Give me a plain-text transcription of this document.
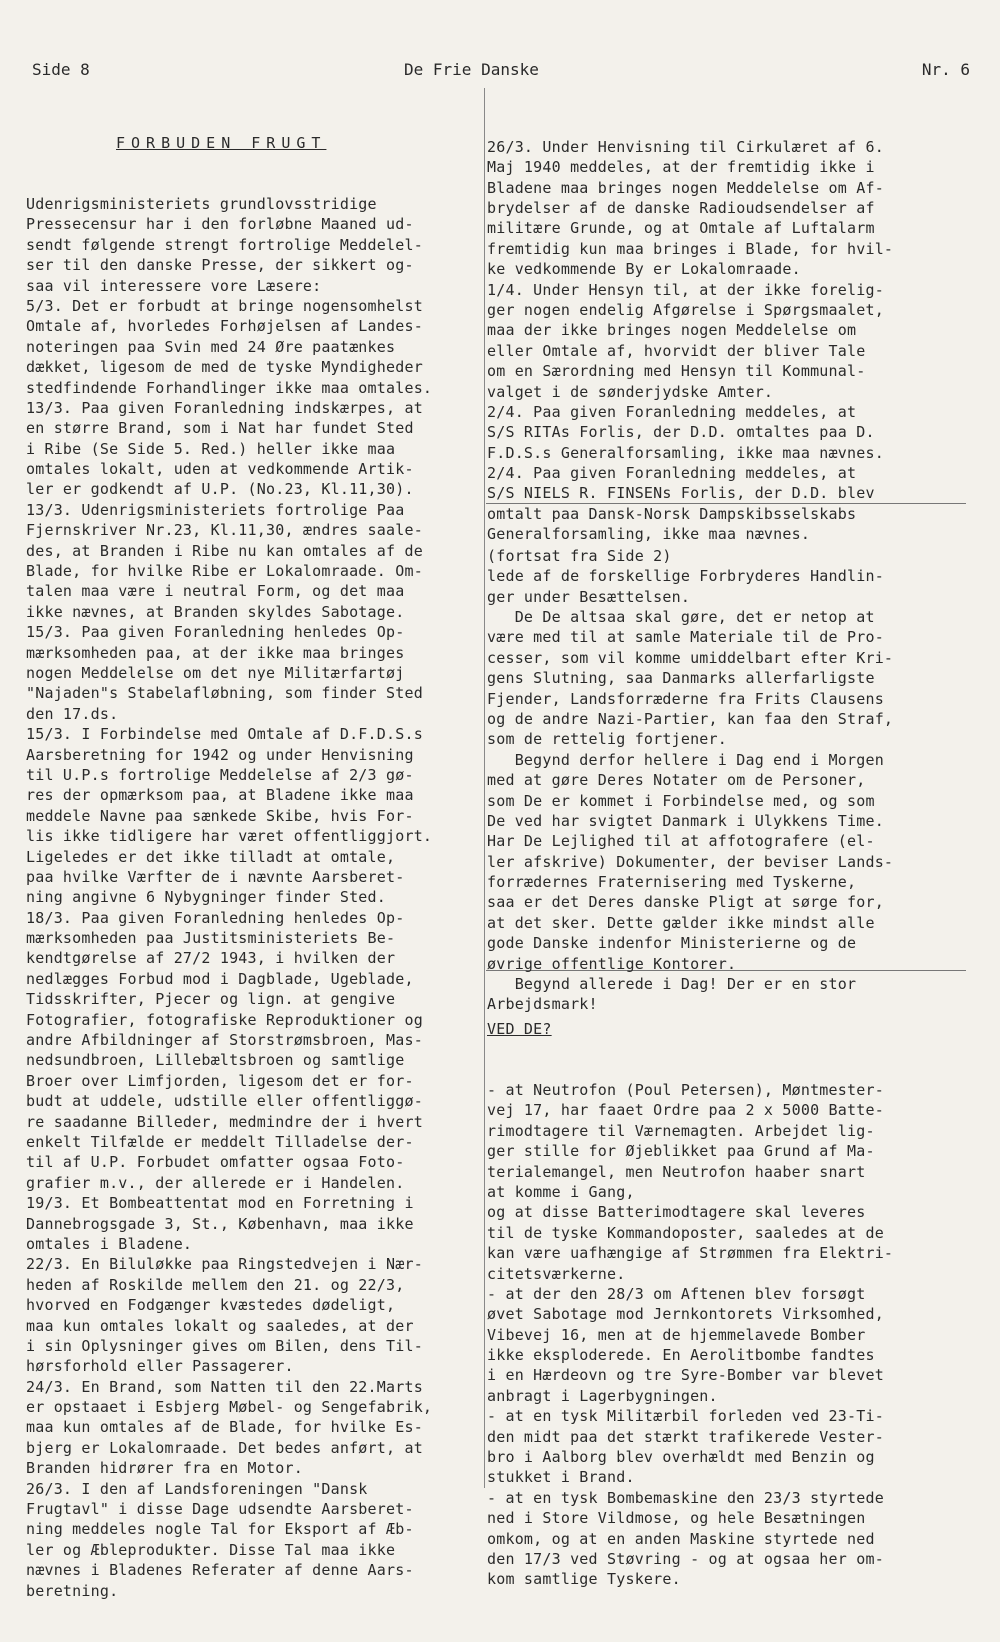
Side 8	De Frie Danske	Nr. 6

FORBUDEN FRUGT

Udenrigsministeriets grundlovsstridige
Pressecensur har i den forløbne Maaned ud-
sendt følgende strengt fortrolige Meddelel-
ser til den danske Presse, der sikkert og-
saa vil interessere vore Læsere:
5/3. Det er forbudt at bringe nogensomhelst
Omtale af, hvorledes Forhøjelsen af Landes-
noteringen paa Svin med 24 Øre paatænkes
dækket, ligesom de med de tyske Myndigheder
stedfindende Forhandlinger ikke maa omtales.
13/3. Paa given Foranledning indskærpes, at
en større Brand, som i Nat har fundet Sted
i Ribe (Se Side 5. Red.) heller ikke maa
omtales lokalt, uden at vedkommende Artik-
ler er godkendt af U.P. (No.23, Kl.11,30).
13/3. Udenrigsministeriets fortrolige Paa
Fjernskriver Nr.23, Kl.11,30, ændres saale-
des, at Branden i Ribe nu kan omtales af de
Blade, for hvilke Ribe er Lokalomraade. Om-
talen maa være i neutral Form, og det maa
ikke nævnes, at Branden skyldes Sabotage.
15/3. Paa given Foranledning henledes Op-
mærksomheden paa, at der ikke maa bringes
nogen Meddelelse om det nye Militærfartøj
"Najaden"s Stabelafløbning, som finder Sted
den 17.ds.
15/3. I Forbindelse med Omtale af D.F.D.S.s
Aarsberetning for 1942 og under Henvisning
til U.P.s fortrolige Meddelelse af 2/3 gø-
res der opmærksom paa, at Bladene ikke maa
meddele Navne paa sænkede Skibe, hvis For-
lis ikke tidligere har været offentliggjort.
Ligeledes er det ikke tilladt at omtale,
paa hvilke Værfter de i nævnte Aarsberet-
ning angivne 6 Nybygninger finder Sted.
18/3. Paa given Foranledning henledes Op-
mærksomheden paa Justitsministeriets Be-
kendtgørelse af 27/2 1943, i hvilken der
nedlægges Forbud mod i Dagblade, Ugeblade,
Tidsskrifter, Pjecer og lign. at gengive
Fotografier, fotografiske Reproduktioner og
andre Afbildninger af Storstrømsbroen, Mas-
nedsundbroen, Lillebæltsbroen og samtlige
Broer over Limfjorden, ligesom det er for-
budt at uddele, udstille eller offentliggø-
re saadanne Billeder, medmindre der i hvert
enkelt Tilfælde er meddelt Tilladelse der-
til af U.P. Forbudet omfatter ogsaa Foto-
grafier m.v., der allerede er i Handelen.
19/3. Et Bombeattentat mod en Forretning i
Dannebrogsgade 3, St., København, maa ikke
omtales i Bladene.
22/3. En Biluløkke paa Ringstedvejen i Nær-
heden af Roskilde mellem den 21. og 22/3,
hvorved en Fodgænger kvæstedes dødeligt,
maa kun omtales lokalt og saaledes, at der
i sin Oplysninger gives om Bilen, dens Til-
hørsforhold eller Passagerer.
24/3. En Brand, som Natten til den 22.Marts
er opstaaet i Esbjerg Møbel- og Sengefabrik,
maa kun omtales af de Blade, for hvilke Es-
bjerg er Lokalomraade. Det bedes anført, at
Branden hidrører fra en Motor.
26/3. I den af Landsforeningen "Dansk
Frugtavl" i disse Dage udsendte Aarsberet-
ning meddeles nogle Tal for Eksport af Æb-
ler og Æbleprodukter. Disse Tal maa ikke
nævnes i Bladenes Referater af denne Aars-
beretning.

26/3. Under Henvisning til Cirkulæret af 6.
Maj 1940 meddeles, at der fremtidig ikke i
Bladene maa bringes nogen Meddelelse om Af-
brydelser af de danske Radioudsendelser af
militære Grunde, og at Omtale af Luftalarm
fremtidig kun maa bringes i Blade, for hvil-
ke vedkommende By er Lokalomraade.
1/4. Under Hensyn til, at der ikke forelig-
ger nogen endelig Afgørelse i Spørgsmaalet,
maa der ikke bringes nogen Meddelelse om
eller Omtale af, hvorvidt der bliver Tale
om en Særordning med Hensyn til Kommunal-
valget i de sønderjydske Amter.
2/4. Paa given Foranledning meddeles, at
S/S RITAs Forlis, der D.D. omtaltes paa D.
F.D.S.s Generalforsamling, ikke maa nævnes.
2/4. Paa given Foranledning meddeles, at
S/S NIELS R. FINSENs Forlis, der D.D. blev
omtalt paa Dansk-Norsk Dampskibsselskabs
Generalforsamling, ikke maa nævnes.

(fortsat fra Side 2)
lede af de forskellige Forbryderes Handlin-
ger under Besættelsen.
De De altsaa skal gøre, det er netop at
være med til at samle Materiale til de Pro-
cesser, som vil komme umiddelbart efter Kri-
gens Slutning, saa Danmarks allerfarligste
Fjender, Landsforræderne fra Frits Clausens
og de andre Nazi-Partier, kan faa den Straf,
som de rettelig fortjener.
Begynd derfor hellere i Dag end i Morgen
med at gøre Deres Notater om de Personer,
som De er kommet i Forbindelse med, og som
De ved har svigtet Danmark i Ulykkens Time.
Har De Lejlighed til at affotografere (el-
ler afskrive) Dokumenter, der beviser Lands-
forrædernes Fraternisering med Tyskerne,
saa er det Deres danske Pligt at sørge for,
at det sker. Dette gælder ikke mindst alle
gode Danske indenfor Ministerierne og de
øvrige offentlige Kontorer.
Begynd allerede i Dag! Der er en stor
Arbejdsmark!

VED DE?

- at Neutrofon (Poul Petersen), Møntmester-
vej 17, har faaet Ordre paa 2 x 5000 Batte-
rimodtagere til Værnemagten. Arbejdet lig-
ger stille for Øjeblikket paa Grund af Ma-
terialemangel, men Neutrofon haaber snart
at komme i Gang,
og at disse Batterimodtagere skal leveres
til de tyske Kommandoposter, saaledes at de
kan være uafhængige af Strømmen fra Elektri-
citetsværkerne.
- at der den 28/3 om Aftenen blev forsøgt
øvet Sabotage mod Jernkontorets Virksomhed,
Vibevej 16, men at de hjemmelavede Bomber
ikke eksploderede. En Aerolitbombe fandtes
i en Hærdeovn og tre Syre-Bomber var blevet
anbragt i Lagerbygningen.
- at en tysk Militærbil forleden ved 23-Ti-
den midt paa det stærkt trafikerede Vester-
bro i Aalborg blev overhældt med Benzin og
stukket i Brand.
- at en tysk Bombemaskine den 23/3 styrtede
ned i Store Vildmose, og hele Besætningen
omkom, og at en anden Maskine styrtede ned
den 17/3 ved Støvring - og at ogsaa her om-
kom samtlige Tyskere.
